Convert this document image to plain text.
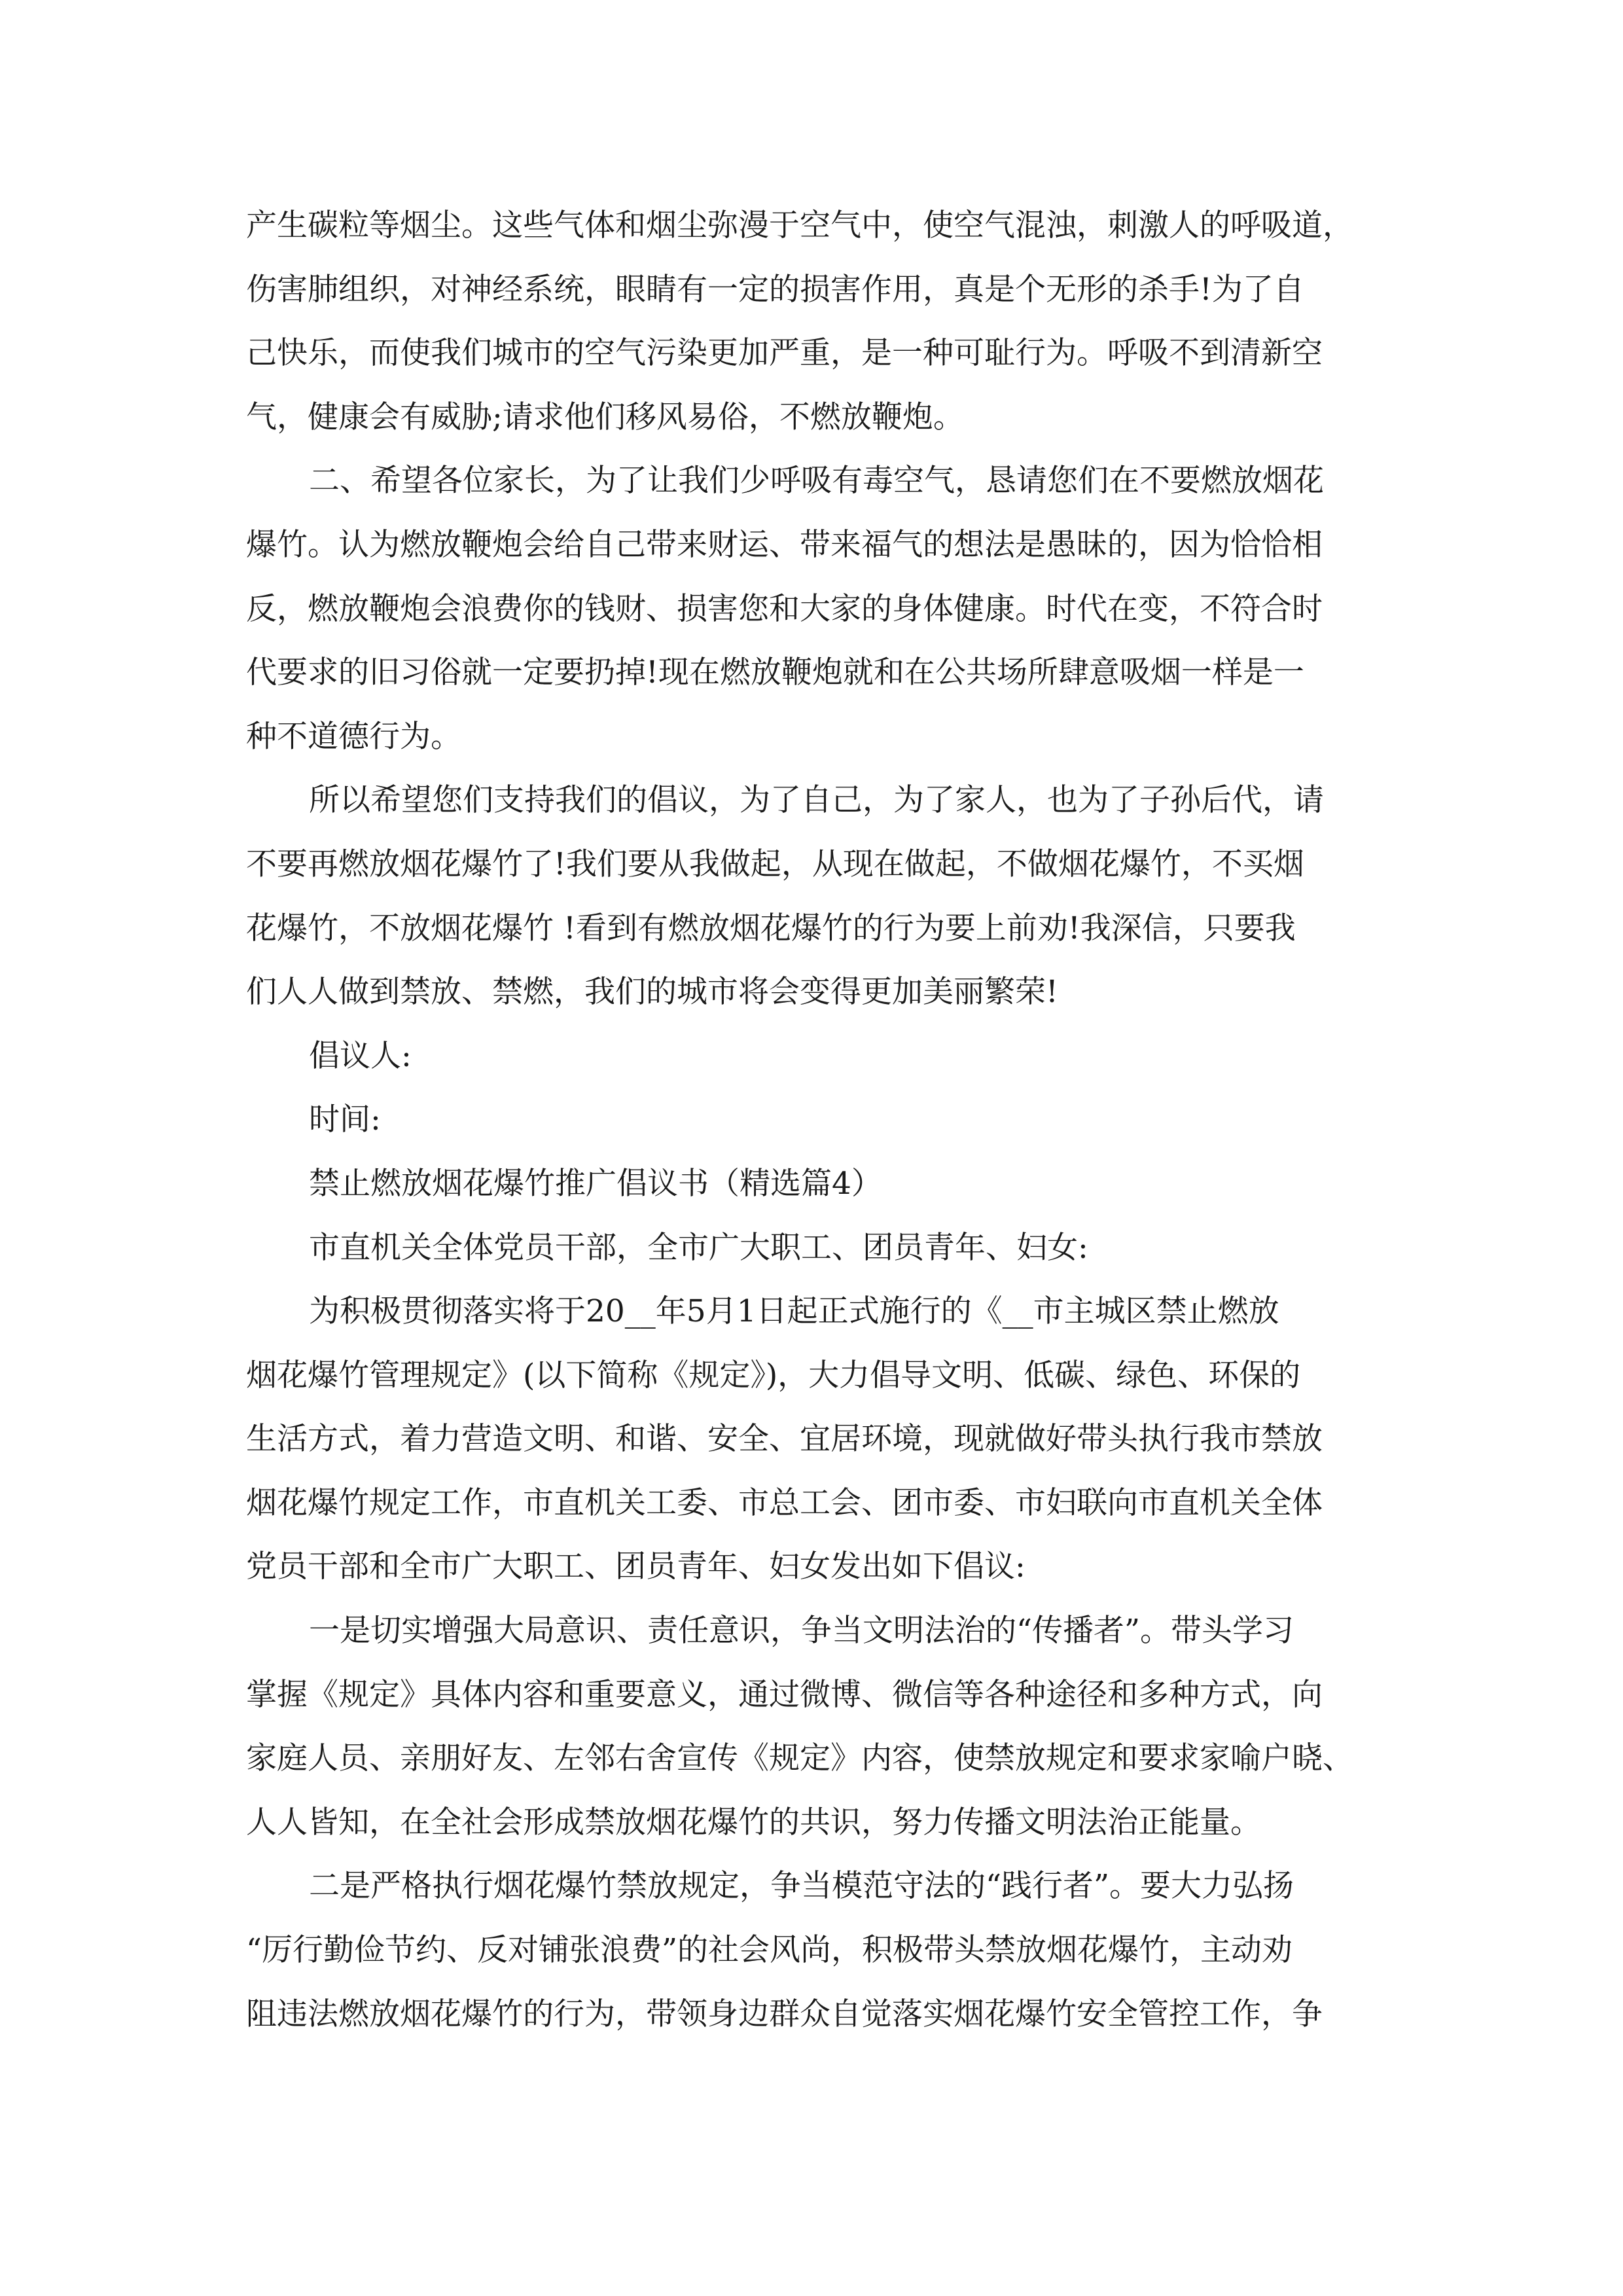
产生碳粒等烟尘。这些气体和烟尘弥漫于空气中，使空气混浊，刺激人的呼吸道，
伤害肺组织，对神经系统，眼睛有一定的损害作用，真是个无形的杀手!为了自
己快乐，而使我们城市的空气污染更加严重，是一种可耻行为。呼吸不到清新空
气，健康会有威胁;请求他们移风易俗，不燃放鞭炮。

二、希望各位家长，为了让我们少呼吸有毒空气，恳请您们在不要燃放烟花
爆竹。认为燃放鞭炮会给自己带来财运、带来福气的想法是愚昧的，因为恰恰相
反，燃放鞭炮会浪费你的钱财、损害您和大家的身体健康。时代在变，不符合时
代要求的旧习俗就一定要扔掉!现在燃放鞭炮就和在公共场所肆意吸烟一样是一
种不道德行为。

所以希望您们支持我们的倡议，为了自己，为了家人，也为了子孙后代，请
不要再燃放烟花爆竹了!我们要从我做起，从现在做起，不做烟花爆竹，不买烟
花爆竹，不放烟花爆竹 !看到有燃放烟花爆竹的行为要上前劝!我深信，只要我
们人人做到禁放、禁燃，我们的城市将会变得更加美丽繁荣!

倡议人:

时间:

禁止燃放烟花爆竹推广倡议书（精选篇4）

市直机关全体党员干部，全市广大职工、团员青年、妇女:

为积极贯彻落实将于20__年5月1日起正式施行的《__市主城区禁止燃放
烟花爆竹管理规定》(以下简称《规定》)，大力倡导文明、低碳、绿色、环保的
生活方式，着力营造文明、和谐、安全、宜居环境，现就做好带头执行我市禁放
烟花爆竹规定工作，市直机关工委、市总工会、团市委、市妇联向市直机关全体
党员干部和全市广大职工、团员青年、妇女发出如下倡议:

一是切实增强大局意识、责任意识，争当文明法治的“传播者”。带头学习
掌握《规定》具体内容和重要意义，通过微博、微信等各种途径和多种方式，向
家庭人员、亲朋好友、左邻右舍宣传《规定》内容，使禁放规定和要求家喻户晓、
人人皆知，在全社会形成禁放烟花爆竹的共识，努力传播文明法治正能量。

二是严格执行烟花爆竹禁放规定，争当模范守法的“践行者”。要大力弘扬
“厉行勤俭节约、反对铺张浪费”的社会风尚，积极带头禁放烟花爆竹，主动劝
阻违法燃放烟花爆竹的行为，带领身边群众自觉落实烟花爆竹安全管控工作，争
